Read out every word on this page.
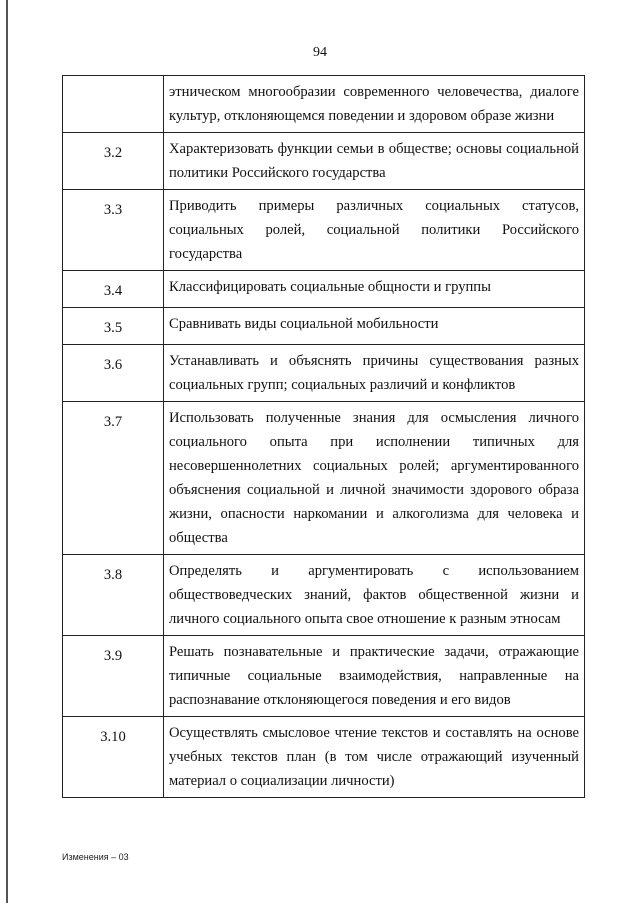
94
	этническом многообразии современного человечества, диалоге культур, отклоняющемся поведении и здоровом образе жизни
3.2	Характеризовать функции семьи в обществе; основы социальной политики Российского государства
3.3	Приводить примеры различных социальных статусов, социальных ролей, социальной политики Российского государства
3.4	Классифицировать социальные общности и группы
3.5	Сравнивать виды социальной мобильности
3.6	Устанавливать и объяснять причины существования разных социальных групп; социальных различий и конфликтов
3.7	Использовать полученные знания для осмысления личного социального опыта при исполнении типичных для несовершеннолетних социальных ролей; аргументированного объяснения социальной и личной значимости здорового образа жизни, опасности наркомании и алкоголизма для человека и общества
3.8	Определять и аргументировать с использованием обществоведческих знаний, фактов общественной жизни и личного социального опыта свое отношение к разным этносам
3.9	Решать познавательные и практические задачи, отражающие типичные социальные взаимодействия, направленные на распознавание отклоняющегося поведения и его видов
3.10	Осуществлять смысловое чтение текстов и составлять на основе учебных текстов план (в том числе отражающий изученный материал о социализации личности)
Изменения – 03
